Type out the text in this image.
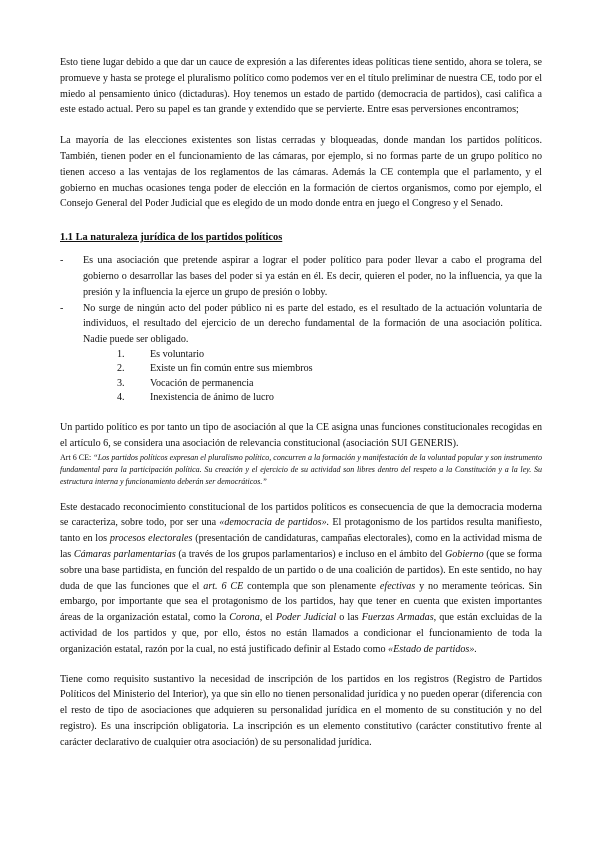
Esto tiene lugar debido a que dar un cauce de expresión a las diferentes ideas políticas tiene sentido, ahora se tolera, se promueve y hasta se protege el pluralismo político como podemos ver en el título preliminar de nuestra CE, todo por el miedo al pensamiento único (dictaduras). Hoy tenemos un estado de partido (democracia de partidos), casi califica a este estado actual. Pero su papel es tan grande y extendido que se pervierte. Entre esas perversiones encontramos;

La mayoría de las elecciones existentes son listas cerradas y bloqueadas, donde mandan los partidos políticos. También, tienen poder en el funcionamiento de las cámaras, por ejemplo, si no formas parte de un grupo político no tienen acceso a las ventajas de los reglamentos de las cámaras. Además la CE contempla que el parlamento, y el gobierno en muchas ocasiones tenga poder de elección en la formación de ciertos organismos, como por ejemplo, el Consejo General del Poder Judicial que es elegido de un modo donde entra en juego el Congreso y el Senado.

1.1 La naturaleza jurídica de los partidos políticos
- Es una asociación que pretende aspirar a lograr el poder político para poder llevar a cabo el programa del gobierno o desarrollar las bases del poder si ya están en él. Es decir, quieren el poder, no la influencia, ya que la presión y la influencia la ejerce un grupo de presión o lobby.
- No surge de ningún acto del poder público ni es parte del estado, es el resultado de la actuación voluntaria de individuos, el resultado del ejercicio de un derecho fundamental de la formación de una asociación política. Nadie puede ser obligado.
1.	Es voluntario
2.	Existe un fin común entre sus miembros
3.	Vocación de permanencia
4.	Inexistencia de ánimo de lucro

Un partido político es por tanto un tipo de asociación al que la CE asigna unas funciones constitucionales recogidas en el artículo 6, se considera una asociación de relevancia constitucional (asociación SUI GENERIS).

Art 6 CE: “Los partidos políticos expresan el pluralismo político, concurren a la formación y manifestación de la voluntad popular y son instrumento fundamental para la participación política. Su creación y el ejercicio de su actividad son libres dentro del respeto a la Constitución y a la ley. Su estructura interna y funcionamiento deberán ser democráticos.”

Este destacado reconocimiento constitucional de los partidos políticos es consecuencia de que la democracia moderna se caracteriza, sobre todo, por ser una «democracia de partidos». El protagonismo de los partidos resulta manifiesto, tanto en los procesos electorales (presentación de candidaturas, campañas electorales), como en la actividad misma de las Cámaras parlamentarias (a través de los grupos parlamentarios) e incluso en el ámbito del Gobierno (que se forma sobre una base partidista, en función del respaldo de un partido o de una coalición de partidos). En este sentido, no hay duda de que las funciones que el art. 6 CE contempla que son plenamente efectivas y no meramente teóricas. Sin embargo, por importante que sea el protagonismo de los partidos, hay que tener en cuenta que existen importantes áreas de la organización estatal, como la Corona, el Poder Judicial o las Fuerzas Armadas, que están excluidas de la actividad de los partidos y que, por ello, éstos no están llamados a condicionar el funcionamiento de toda la organización estatal, razón por la cual, no está justificado definir al Estado como «Estado de partidos».

Tiene como requisito sustantivo la necesidad de inscripción de los partidos en los registros (Registro de Partidos Políticos del Ministerio del Interior), ya que sin ello no tienen personalidad jurídica y no pueden operar (diferencia con el resto de tipo de asociaciones que adquieren su personalidad jurídica en el momento de su constitución y no del registro). Es una inscripción obligatoria. La inscripción es un elemento constitutivo (carácter constitutivo frente al carácter declarativo de cualquier otra asociación) de su personalidad jurídica.
